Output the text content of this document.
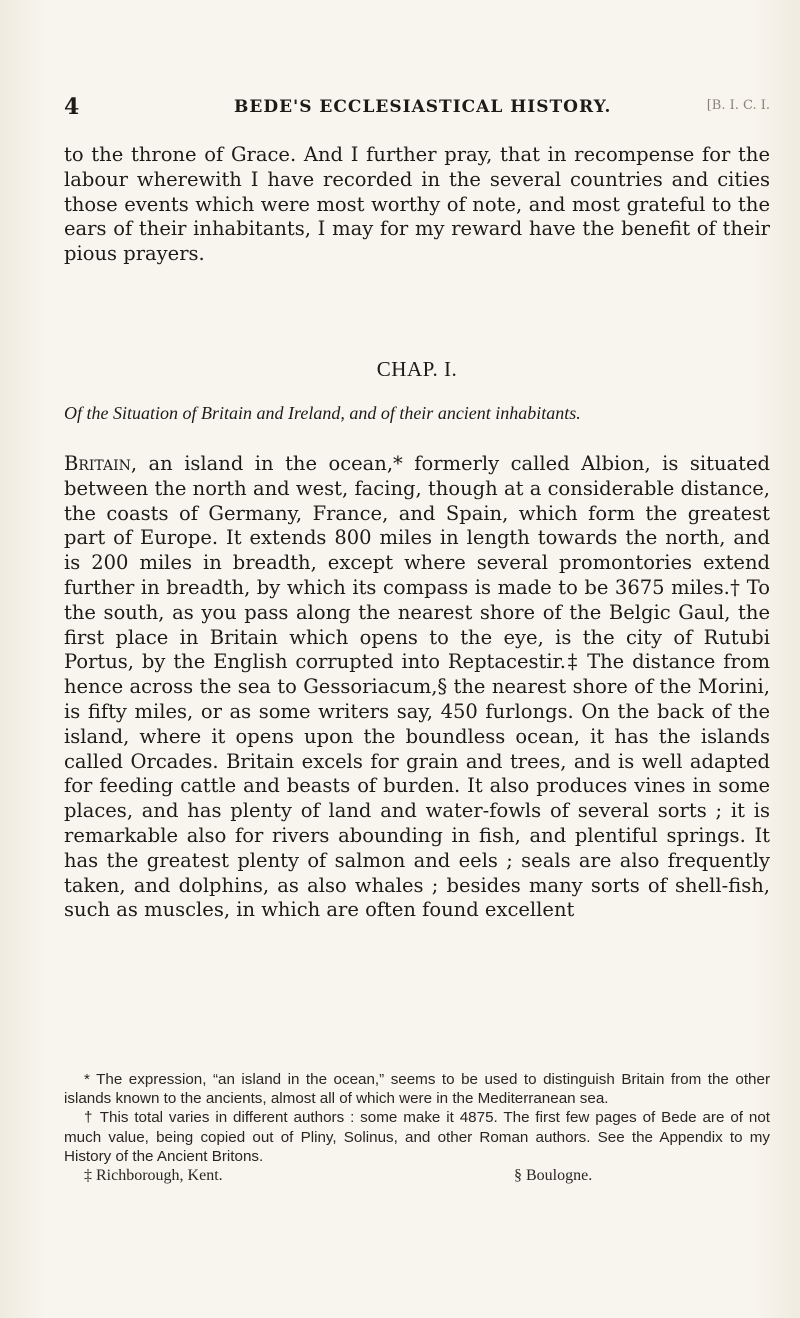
4	BEDE'S ECCLESIASTICAL HISTORY.	[B. I. C. I.

to the throne of Grace. And I further pray, that in recompense for the labour wherewith I have recorded in the several countries and cities those events which were most worthy of note, and most grateful to the ears of their inhabitants, I may for my reward have the benefit of their pious prayers.

CHAP. I.
Of the Situation of Britain and Ireland, and of their ancient inhabitants.

Britain, an island in the ocean,* formerly called Albion, is situated between the north and west, facing, though at a considerable distance, the coasts of Germany, France, and Spain, which form the greatest part of Europe. It extends 800 miles in length towards the north, and is 200 miles in breadth, except where several promontories extend further in breadth, by which its compass is made to be 3675 miles.† To the south, as you pass along the nearest shore of the Belgic Gaul, the first place in Britain which opens to the eye, is the city of Rutubi Portus, by the English corrupted into Reptacestir.‡ The distance from hence across the sea to Gessoriacum,§ the nearest shore of the Morini, is fifty miles, or as some writers say, 450 furlongs. On the back of the island, where it opens upon the boundless ocean, it has the islands called Orcades. Britain excels for grain and trees, and is well adapted for feeding cattle and beasts of burden. It also produces vines in some places, and has plenty of land and water-fowls of several sorts ; it is remarkable also for rivers abounding in fish, and plentiful springs. It has the greatest plenty of salmon and eels ; seals are also frequently taken, and dolphins, as also whales ; besides many sorts of shell-fish, such as muscles, in which are often found excellent

* The expression, “an island in the ocean,” seems to be used to distinguish Britain from the other islands known to the ancients, almost all of which were in the Mediterranean sea.

† This total varies in different authors : some make it 4875. The first few pages of Bede are of not much value, being copied out of Pliny, Solinus, and other Roman authors. See the Appendix to my History of the Ancient Britons.

‡ Richborough, Kent.	§ Boulogne.
